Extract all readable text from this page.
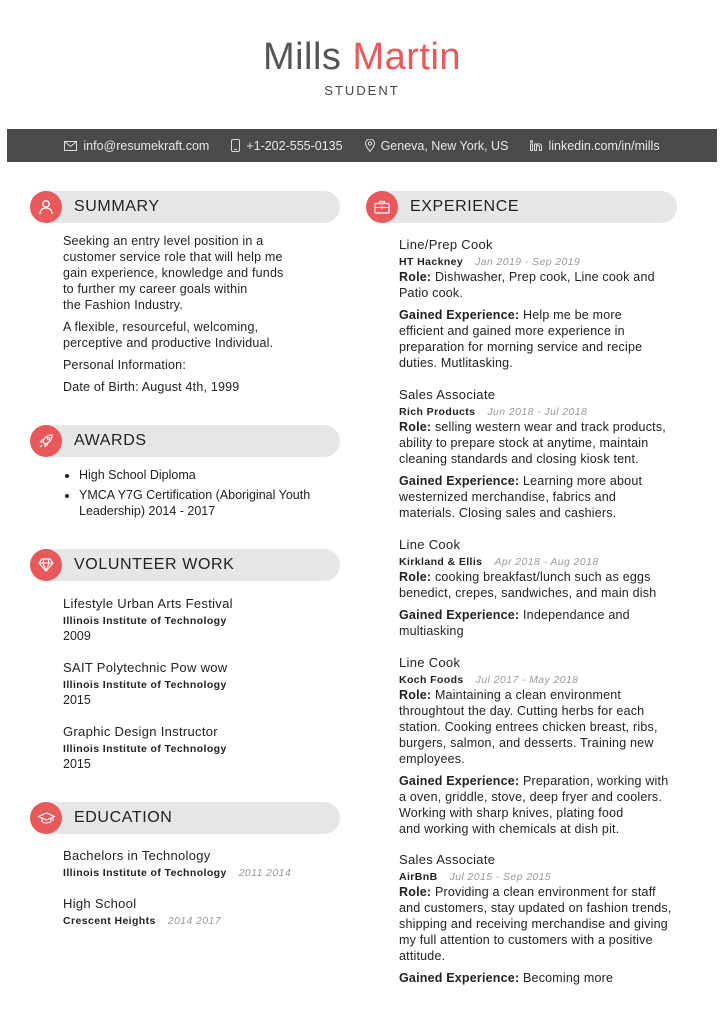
Mills Martin
STUDENT
info@resumekraft.com	+1-202-555-0135	Geneva, New York, US	linkedin.com/in/mills
SUMMARY
Seeking an entry level position in a
customer service role that will help me
gain experience, knowledge and funds
to further my career goals within
the Fashion Industry.
A flexible, resourceful, welcoming,
perceptive and productive Individual.
Personal Information:
Date of Birth: August 4th, 1999
AWARDS
• High School Diploma
• YMCA Y7G Certification (Aboriginal Youth
Leadership) 2014 - 2017
VOLUNTEER WORK
Lifestyle Urban Arts Festival
Illinois Institute of Technology
2009
SAIT Polytechnic Pow wow
Illinois Institute of Technology
2015
Graphic Design Instructor
Illinois Institute of Technology
2015
EDUCATION
Bachelors in Technology
Illinois Institute of Technology 2011 2014
High School
Crescent Heights 2014 2017
EXPERIENCE
Line/Prep Cook
HT Hackney Jan 2019 - Sep 2019
Role: Dishwasher, Prep cook, Line cook and
Patio cook.
Gained Experience: Help me be more
efficient and gained more experience in
preparation for morning service and recipe
duties. Mutlitasking.
Sales Associate
Rich Products Jun 2018 - Jul 2018
Role: selling western wear and track products,
ability to prepare stock at anytime, maintain
cleaning standards and closing kiosk tent.
Gained Experience: Learning more about
westernized merchandise, fabrics and
materials. Closing sales and cashiers.
Line Cook
Kirkland & Ellis Apr 2018 - Aug 2018
Role: cooking breakfast/lunch such as eggs
benedict, crepes, sandwiches, and main dish
Gained Experience: Independance and
multiasking
Line Cook
Koch Foods Jul 2017 - May 2018
Role: Maintaining a clean environment
throughtout the day. Cutting herbs for each
station. Cooking entrees chicken breast, ribs,
burgers, salmon, and desserts. Training new
employees.
Gained Experience: Preparation, working with
a oven, griddle, stove, deep fryer and coolers.
Working with sharp knives, plating food
and working with chemicals at dish pit.
Sales Associate
AirBnB Jul 2015 - Sep 2015
Role: Providing a clean environment for staff
and customers, stay updated on fashion trends,
shipping and receiving merchandise and giving
my full attention to customers with a positive
attitude.
Gained Experience: Becoming more
